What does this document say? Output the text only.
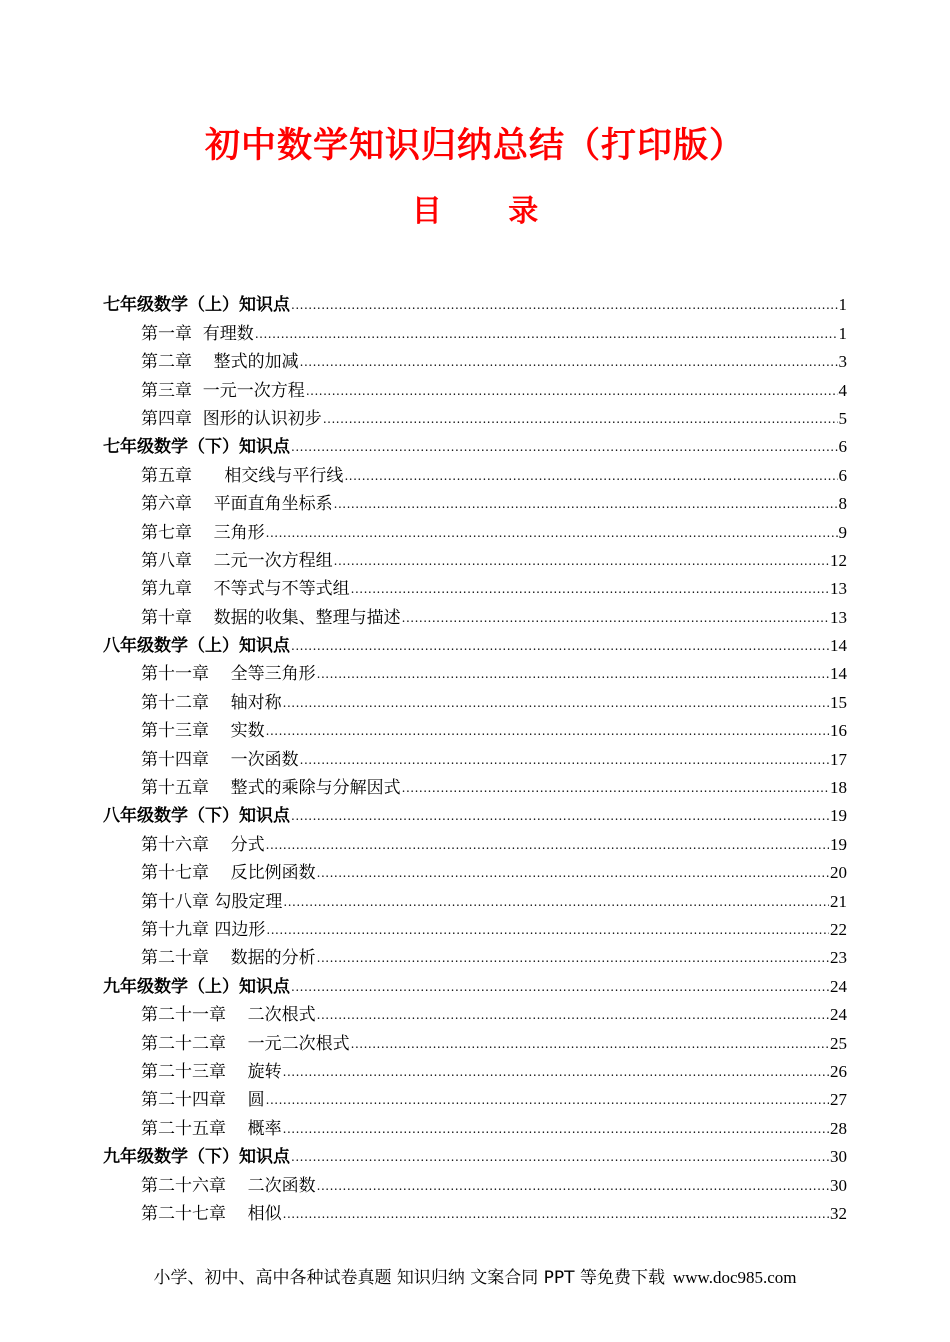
初中数学知识归纳总结（打印版）
目 录
七年级数学（上）知识点 .....	1
第一章  有理数 .....	1
第二章    整式的加减 .....	3
第三章  一元一次方程 .....	4
第四章  图形的认识初步 .....	5
七年级数学（下）知识点 .....	6
第五章      相交线与平行线 .....	6
第六章    平面直角坐标系 .....	8
第七章    三角形 .....	9
第八章    二元一次方程组 .....	12
第九章    不等式与不等式组 .....	13
第十章    数据的收集、整理与描述 .....	13
八年级数学（上）知识点 .....	14
第十一章    全等三角形 .....	14
第十二章    轴对称 .....	15
第十三章    实数 .....	16
第十四章    一次函数 .....	17
第十五章    整式的乘除与分解因式 .....	18
八年级数学（下）知识点 .....	19
第十六章    分式 .....	19
第十七章    反比例函数 .....	20
第十八章 勾股定理 .....	21
第十九章 四边形 .....	22
第二十章    数据的分析 .....	23
九年级数学（上）知识点 .....	24
第二十一章    二次根式 .....	24
第二十二章    一元二次根式 .....	25
第二十三章    旋转 .....	26
第二十四章    圆 .....	27
第二十五章    概率 .....	28
九年级数学（下）知识点 .....	30
第二十六章    二次函数 .....	30
第二十七章    相似 .....	32
小学、初中、高中各种试卷真题 知识归纳 文案合同 PPT 等免费下载 www.doc985.com
